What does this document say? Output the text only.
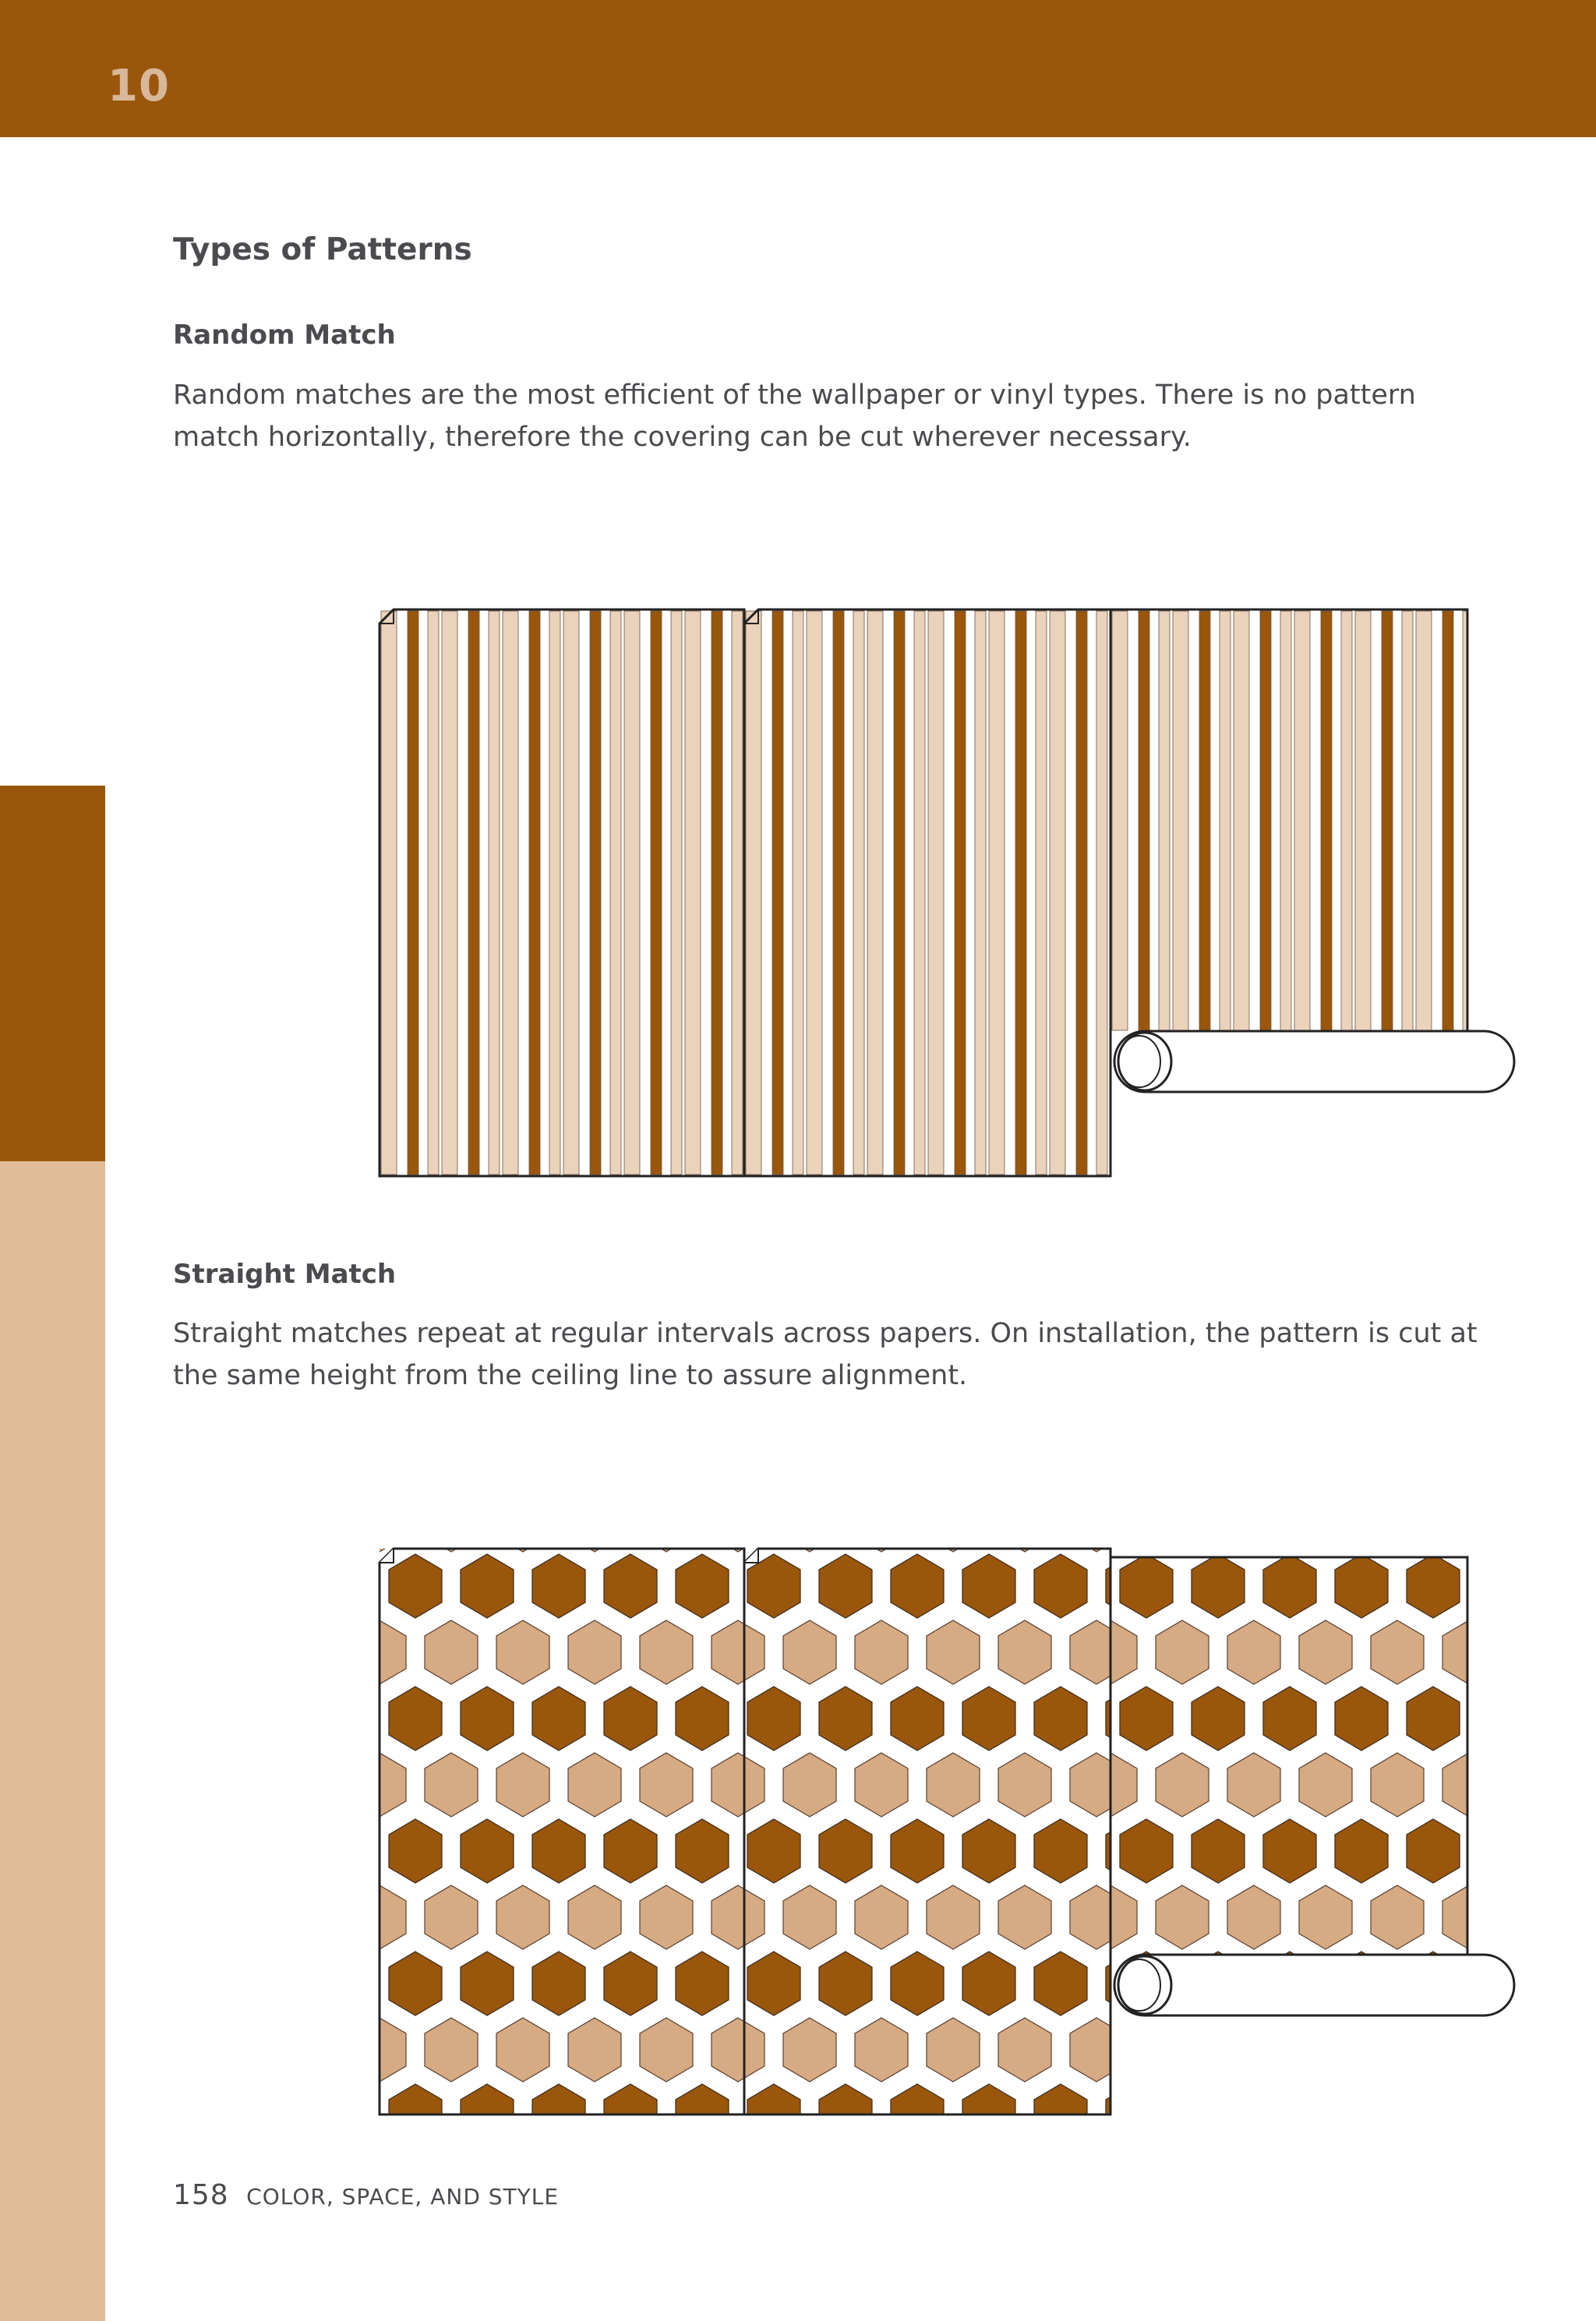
10
Types of Patterns
Random Match
Random matches are the most efficient of the wallpaper or vinyl types. There is no pattern match horizontally, therefore the covering can be cut wherever necessary.
Straight Match
Straight matches repeat at regular intervals across papers. On installation, the pattern is cut at the same height from the ceiling line to assure alignment.
158 COLOR, SPACE, AND STYLE
